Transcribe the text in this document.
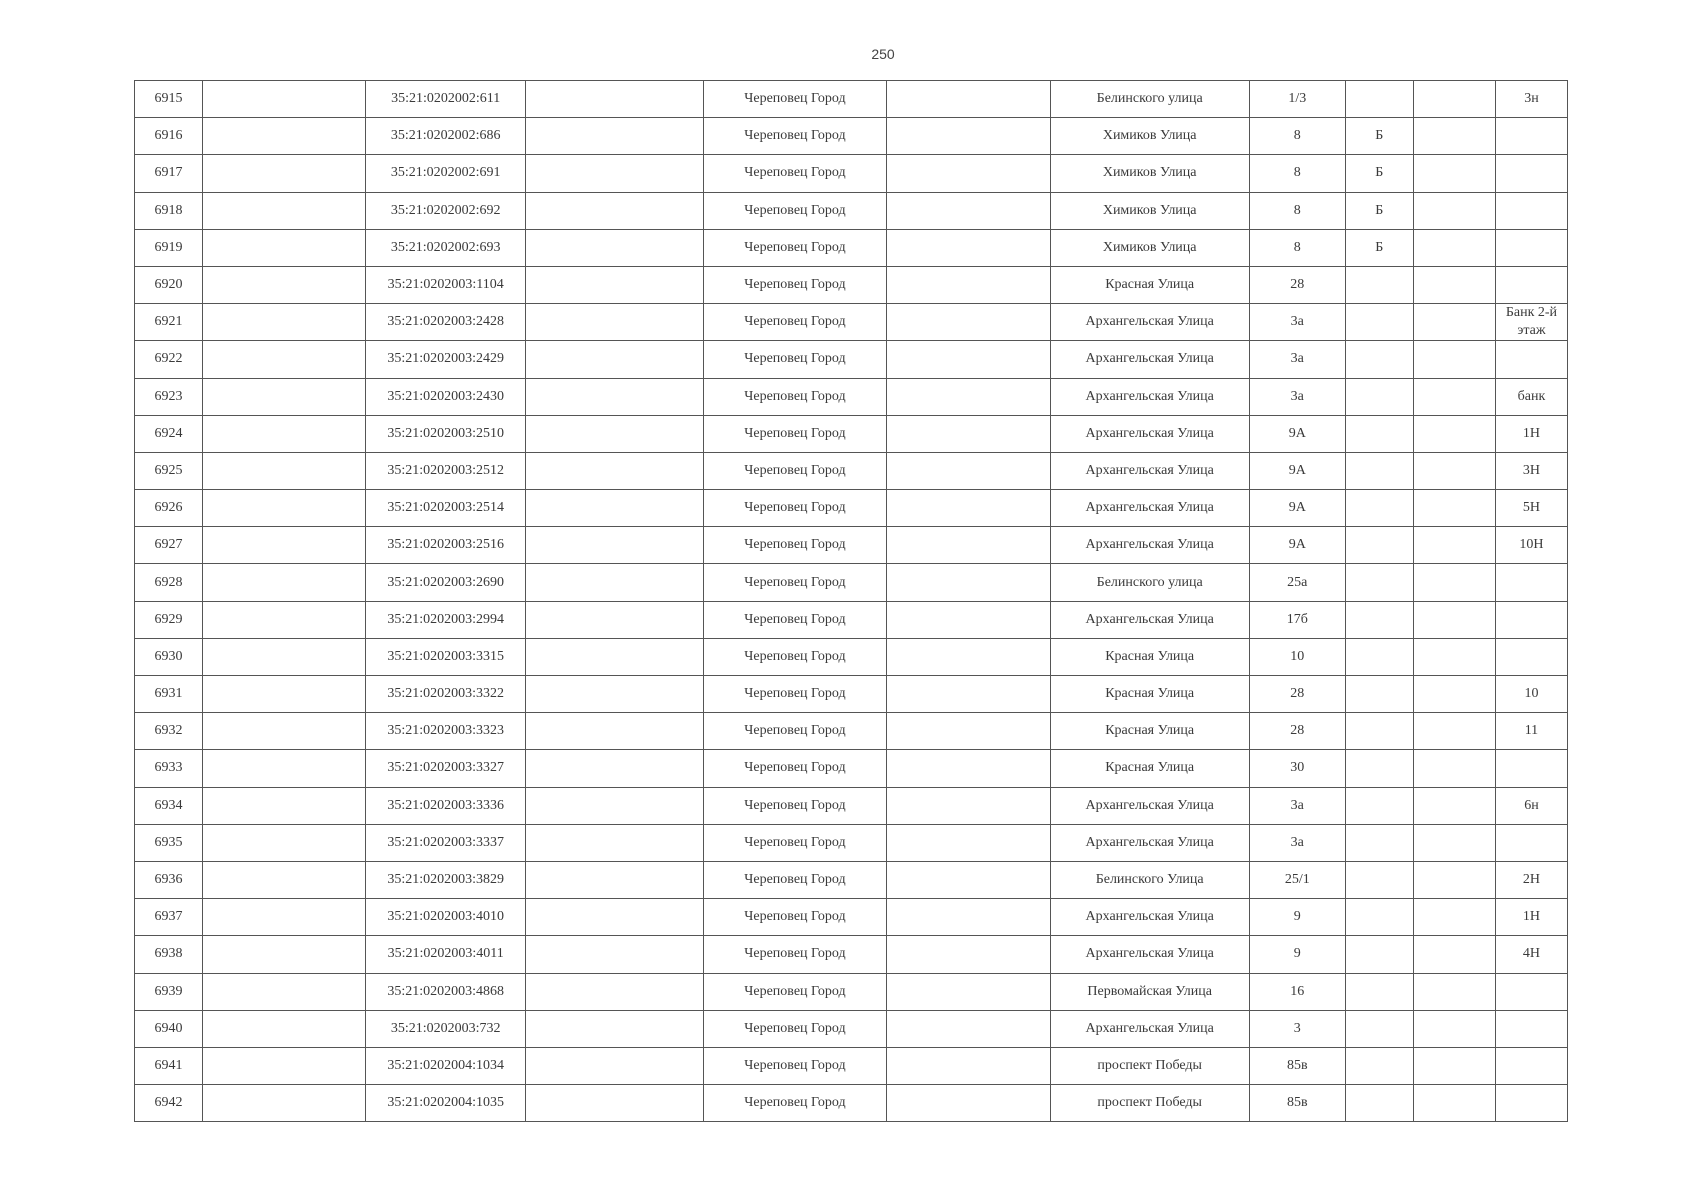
250
6915		35:21:0202002:611		Череповец Город		Белинского улица	1/3			3н
6916		35:21:0202002:686		Череповец Город		Химиков Улица	8	Б		
6917		35:21:0202002:691		Череповец Город		Химиков Улица	8	Б		
6918		35:21:0202002:692		Череповец Город		Химиков Улица	8	Б		
6919		35:21:0202002:693		Череповец Город		Химиков Улица	8	Б		
6920		35:21:0202003:1104		Череповец Город		Красная Улица	28			
6921		35:21:0202003:2428		Череповец Город		Архангельская Улица	3а			Банк 2-й этаж
6922		35:21:0202003:2429		Череповец Город		Архангельская Улица	3а			
6923		35:21:0202003:2430		Череповец Город		Архангельская Улица	3а			банк
6924		35:21:0202003:2510		Череповец Город		Архангельская Улица	9А			1Н
6925		35:21:0202003:2512		Череповец Город		Архангельская Улица	9А			3Н
6926		35:21:0202003:2514		Череповец Город		Архангельская Улица	9А			5Н
6927		35:21:0202003:2516		Череповец Город		Архангельская Улица	9А			10Н
6928		35:21:0202003:2690		Череповец Город		Белинского улица	25а			
6929		35:21:0202003:2994		Череповец Город		Архангельская Улица	17б			
6930		35:21:0202003:3315		Череповец Город		Красная Улица	10			
6931		35:21:0202003:3322		Череповец Город		Красная Улица	28			10
6932		35:21:0202003:3323		Череповец Город		Красная Улица	28			11
6933		35:21:0202003:3327		Череповец Город		Красная Улица	30			
6934		35:21:0202003:3336		Череповец Город		Архангельская Улица	3а			6н
6935		35:21:0202003:3337		Череповец Город		Архангельская Улица	3а			
6936		35:21:0202003:3829		Череповец Город		Белинского Улица	25/1			2Н
6937		35:21:0202003:4010		Череповец Город		Архангельская Улица	9			1Н
6938		35:21:0202003:4011		Череповец Город		Архангельская Улица	9			4Н
6939		35:21:0202003:4868		Череповец Город		Первомайская Улица	16			
6940		35:21:0202003:732		Череповец Город		Архангельская Улица	3			
6941		35:21:0202004:1034		Череповец Город		проспект Победы	85в			
6942		35:21:0202004:1035		Череповец Город		проспект Победы	85в			
